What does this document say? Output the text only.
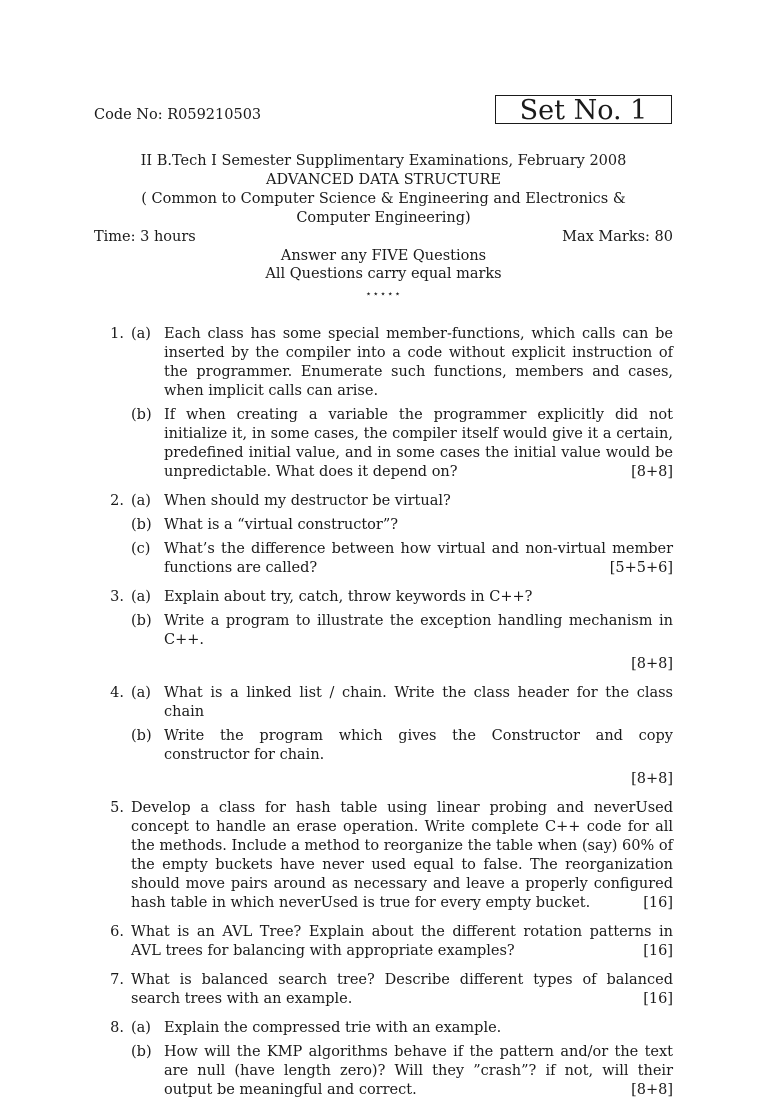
Code No: R059210503	Set No. 1
II B.Tech I Semester Supplimentary Examinations, February 2008
ADVANCED DATA STRUCTURE
( Common to Computer Science & Engineering and Electronics &
Computer Engineering)
Time: 3 hours	Max Marks: 80
Answer any FIVE Questions
All Questions carry equal marks
⋆⋆⋆⋆⋆
1. (a) Each class has some special member-functions, which calls can be inserted by the compiler into a code without explicit instruction of the programmer. Enumerate such functions, members and cases, when implicit calls can arise.
(b) If when creating a variable the programmer explicitly did not initialize it, in some cases, the compiler itself would give it a certain, predefined initial value, and in some cases the initial value would be unpredictable. What does it depend on?	[8+8]
2. (a) When should my destructor be virtual?
(b) What is a “virtual constructor”?
(c) What’s the difference between how virtual and non-virtual member functions are called?	[5+5+6]
3. (a) Explain about try, catch, throw keywords in C++?
(b) Write a program to illustrate the exception handling mechanism in C++.
[8+8]
4. (a) What is a linked list / chain. Write the class header for the class chain
(b) Write the program which gives the Constructor and copy constructor for chain.
[8+8]
5. Develop a class for hash table using linear probing and neverUsed concept to handle an erase operation. Write complete C++ code for all the methods. Include a method to reorganize the table when (say) 60% of the empty buckets have never used equal to false. The reorganization should move pairs around as necessary and leave a properly configured hash table in which neverUsed is true for every empty bucket.	[16]
6. What is an AVL Tree? Explain about the different rotation patterns in AVL trees for balancing with appropriate examples?	[16]
7. What is balanced search tree? Describe different types of balanced search trees with an example.	[16]
8. (a) Explain the compressed trie with an example.
(b) How will the KMP algorithms behave if the pattern and/or the text are null (have length zero)? Will they ”crash”? if not, will their output be meaningful and correct.	[8+8]
